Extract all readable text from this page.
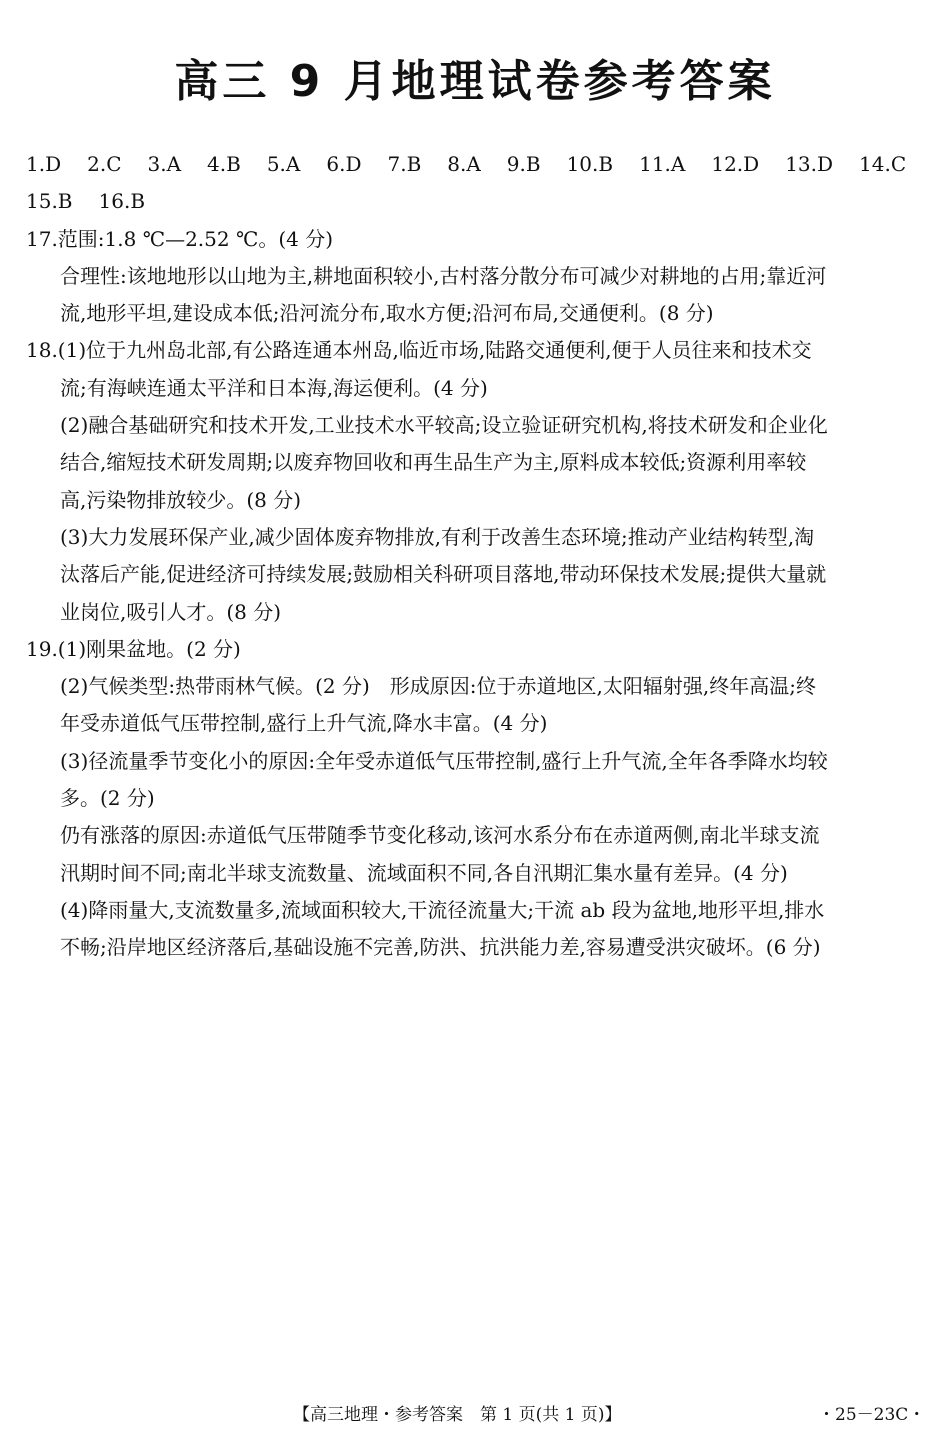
高三 9 月地理试卷参考答案
1.D 2.C 3.A 4.B 5.A 6.D 7.B 8.A 9.B 10.B 11.A 12.D 13.D 14.C
15.B 16.B
17.范围:1.8 ℃—2.52 ℃。(4 分)
合理性:该地地形以山地为主,耕地面积较小,古村落分散分布可减少对耕地的占用;靠近河
流,地形平坦,建设成本低;沿河流分布,取水方便;沿河布局,交通便利。(8 分)
18.(1)位于九州岛北部,有公路连通本州岛,临近市场,陆路交通便利,便于人员往来和技术交
流;有海峡连通太平洋和日本海,海运便利。(4 分)
(2)融合基础研究和技术开发,工业技术水平较高;设立验证研究机构,将技术研发和企业化
结合,缩短技术研发周期;以废弃物回收和再生品生产为主,原料成本较低;资源利用率较
高,污染物排放较少。(8 分)
(3)大力发展环保产业,减少固体废弃物排放,有利于改善生态环境;推动产业结构转型,淘
汰落后产能,促进经济可持续发展;鼓励相关科研项目落地,带动环保技术发展;提供大量就
业岗位,吸引人才。(8 分)
19.(1)刚果盆地。(2 分)
(2)气候类型:热带雨林气候。(2 分)　形成原因:位于赤道地区,太阳辐射强,终年高温;终
年受赤道低气压带控制,盛行上升气流,降水丰富。(4 分)
(3)径流量季节变化小的原因:全年受赤道低气压带控制,盛行上升气流,全年各季降水均较
多。(2 分)
仍有涨落的原因:赤道低气压带随季节变化移动,该河水系分布在赤道两侧,南北半球支流
汛期时间不同;南北半球支流数量、流域面积不同,各自汛期汇集水量有差异。(4 分)
(4)降雨量大,支流数量多,流域面积较大,干流径流量大;干流 ab 段为盆地,地形平坦,排水
不畅;沿岸地区经济落后,基础设施不完善,防洪、抗洪能力差,容易遭受洪灾破坏。(6 分)
【高三地理・参考答案　第 1 页(共 1 页)】	・25－23C・
